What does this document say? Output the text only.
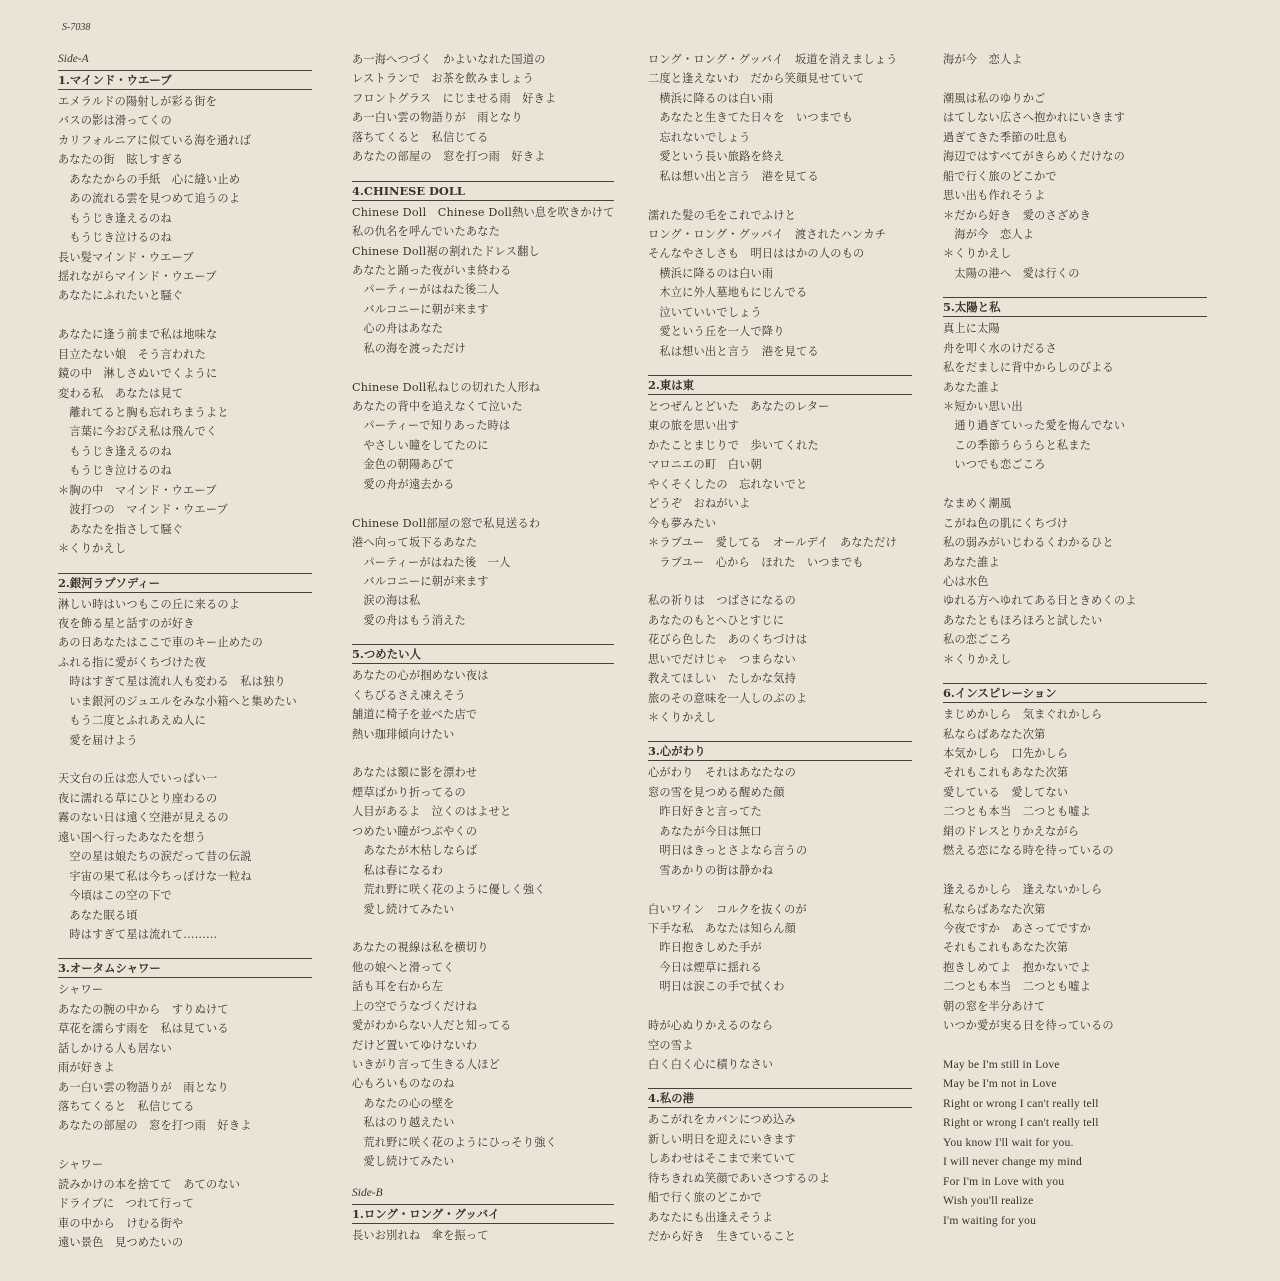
S-7038
Side-A
1.マインド・ウエーブ
エメラルドの陽射しが彩る街を
バスの影は滑ってくの
カリフォルニアに似ている海を通れば
あなたの街　眩しすぎる
　あなたからの手紙　心に縫い止め
　あの流れる雲を見つめて追うのよ
　もうじき逢えるのね
　もうじき泣けるのね
長い髪マインド・ウエーブ
揺れながらマインド・ウエーブ
あなたにふれたいと騒ぐ
あなたに逢う前まで私は地味な
目立たない娘　そう言われた
鏡の中　淋しさぬいでくように
変わる私　あなたは見て
　離れてると胸も忘れちまうよと
　言葉に今おびえ私は飛んでく
　もうじき逢えるのね
　もうじき泣けるのね
＊胸の中　マインド・ウエーブ
　波打つの　マインド・ウエーブ
　あなたを指さして騒ぐ
＊くりかえし
2.銀河ラプソディー
淋しい時はいつもこの丘に来るのよ
夜を飾る星と話すのが好き
あの日あなたはここで車のキー止めたの
ふれる指に愛がくちづけた夜
　時はすぎて星は流れ人も変わる　私は独り
　いま銀河のジュエルをみな小箱へと集めたい
　もう二度とふれあえぬ人に
　愛を届けよう
天文台の丘は恋人でいっぱい一
夜に濡れる草にひとり座わるの
霧のない日は遠く空港が見えるの
遠い国へ行ったあなたを想う
　空の星は娘たちの涙だって昔の伝説
　宇宙の果て私は今ちっぽけな一粒ね
　今頃はこの空の下で
　あなた眠る頃
　時はすぎて星は流れて………
3.オータムシャワー
シャワー
あなたの腕の中から　すりぬけて
草花を濡らす雨を　私は見ている
話しかける人も居ない
雨が好きよ
あ一白い雲の物語りが　雨となり
落ちてくると　私信じてる
あなたの部屋の　窓を打つ雨　好きよ
シャワー
読みかけの本を捨てて　あてのない
ドライブに　つれて行って
車の中から　けむる街や
遠い景色　見つめたいの
あ一海へつづく　かよいなれた国道の
レストランで　お茶を飲みましょう
フロントグラス　にじませる雨　好きよ
あ一白い雲の物語りが　雨となり
落ちてくると　私信じてる
あなたの部屋の　窓を打つ雨　好きよ
4.CHINESE DOLL
Chinese Doll　Chinese Doll熱い息を吹きかけて
私の仇名を呼んでいたあなた
Chinese Doll裾の割れたドレス翻し
あなたと踊った夜がいま終わる
　パーティーがはねた後二人
　バルコニーに朝が来ます
　心の舟はあなた
　私の海を渡っただけ
Chinese Doll私ねじの切れた人形ね
あなたの背中を追えなくて泣いた
　パーティーで知りあった時は
　やさしい瞳をしてたのに
　金色の朝陽あびて
　愛の舟が遠去かる
Chinese Doll部屋の窓で私見送るわ
港へ向って坂下るあなた
　パーティーがはねた後　一人
　バルコニーに朝が来ます
　涙の海は私
　愛の舟はもう消えた
5.つめたい人
あなたの心が掴めない夜は
くちびるさえ凍えそう
舗道に椅子を並べた店で
熱い珈琲傾向けたい
あなたは額に影を漂わせ
煙草ばかり折ってるの
人目があるよ　泣くのはよせと
つめたい瞳がつぶやくの
　あなたが木枯しならば
　私は春になるわ
　荒れ野に咲く花のように優しく強く
　愛し続けてみたい
あなたの視線は私を横切り
他の娘へと滑ってく
話も耳を右から左
上の空でうなづくだけね
愛がわからない人だと知ってる
だけど置いてゆけないわ
いきがり言って生きる人ほど
心もろいものなのね
　あなたの心の壁を
　私はのり越えたい
　荒れ野に咲く花のようにひっそり強く
　愛し続けてみたい
Side-B
1.ロング・ロング・グッバイ
長いお別れね　傘を振って
ロング・ロング・グッバイ　坂道を消えましょう
二度と逢えないわ　だから笑顔見せていて
　横浜に降るのは白い雨
　あなたと生きてた日々を　いつまでも
　忘れないでしょう
　愛という長い旅路を終え
　私は想い出と言う　港を見てる
濡れた髪の毛をこれでふけと
ロング・ロング・グッバイ　渡されたハンカチ
そんなやさしさも　明日ははかの人のもの
　横浜に降るのは白い雨
　木立に外人墓地もにじんでる
　泣いていいでしょう
　愛という丘を一人で降り
　私は想い出と言う　港を見てる
2.東は東
とつぜんとどいた　あなたのレター
東の旅を思い出す
かたことまじりで　歩いてくれた
マロニエの町　白い朝
やくそくしたの　忘れないでと
どうぞ　おねがいよ
今も夢みたい
＊ラブユー　愛してる　オールデイ　あなただけ
　ラブユー　心から　ほれた　いつまでも
私の祈りは　つばさになるの
あなたのもとへひとすじに
花びら色した　あのくちづけは
思いでだけじゃ　つまらない
教えてほしい　たしかな気持
旅のその意味を一人しのぶのよ
＊くりかえし
3.心がわり
心がわり　それはあなたなの
窓の雪を見つめる醒めた顔
　昨日好きと言ってた
　あなたが今日は無口
　明日はきっとさよなら言うの
　雪あかりの街は静かね
白いワイン　コルクを抜くのが
下手な私　あなたは知らん顔
　昨日抱きしめた手が
　今日は煙草に揺れる
　明日は涙この手で拭くわ
時が心ぬりかえるのなら
空の雪よ
白く白く心に積りなさい
4.私の港
あこがれをカバンにつめ込み
新しい明日を迎えにいきます
しあわせはそこまで来ていて
待ちきれぬ笑顔であいさつするのよ
船で行く旅のどこかで
あなたにも出逢えそうよ
だから好き　生きていること
海が今　恋人よ
潮風は私のゆりかご
はてしない広さへ抱かれにいきます
過ぎてきた季節の吐息も
海辺ではすべてがきらめくだけなの
船で行く旅のどこかで
思い出も作れそうよ
＊だから好き　愛のさざめき
　海が今　恋人よ
＊くりかえし
　太陽の港へ　愛は行くの
5.太陽と私
真上に太陽
舟を叩く水のけだるさ
私をだましに背中からしのびよる
あなた誰よ
＊短かい思い出
　通り過ぎていった愛を悔んでない
　この季節うらうらと私また
　いつでも恋ごころ
なまめく潮風
こがね色の肌にくちづけ
私の弱みがいじわるくわかるひと
あなた誰よ
心は水色
ゆれる方へゆれてある日ときめくのよ
あなたともほろほろと試したい
私の恋ごころ
＊くりかえし
6.インスピレーション
まじめかしら　気まぐれかしら
私ならばあなた次第
本気かしら　口先かしら
それもこれもあなた次第
愛している　愛してない
二つとも本当　二つとも嘘よ
絹のドレスとりかえながら
燃える恋になる時を待っているの
逢えるかしら　逢えないかしら
私ならばあなた次第
今夜ですか　あさってですか
それもこれもあなた次第
抱きしめてよ　抱かないでよ
二つとも本当　二つとも嘘よ
朝の窓を半分あけて
いつか愛が実る日を待っているの
May be I'm still in Love
May be I'm not in Love
Right or wrong I can't really tell
Right or wrong I can't really tell
You know I'll wait for you.
I will never change my mind
For I'm in Love with you
Wish you'll realize
I'm waiting for you
